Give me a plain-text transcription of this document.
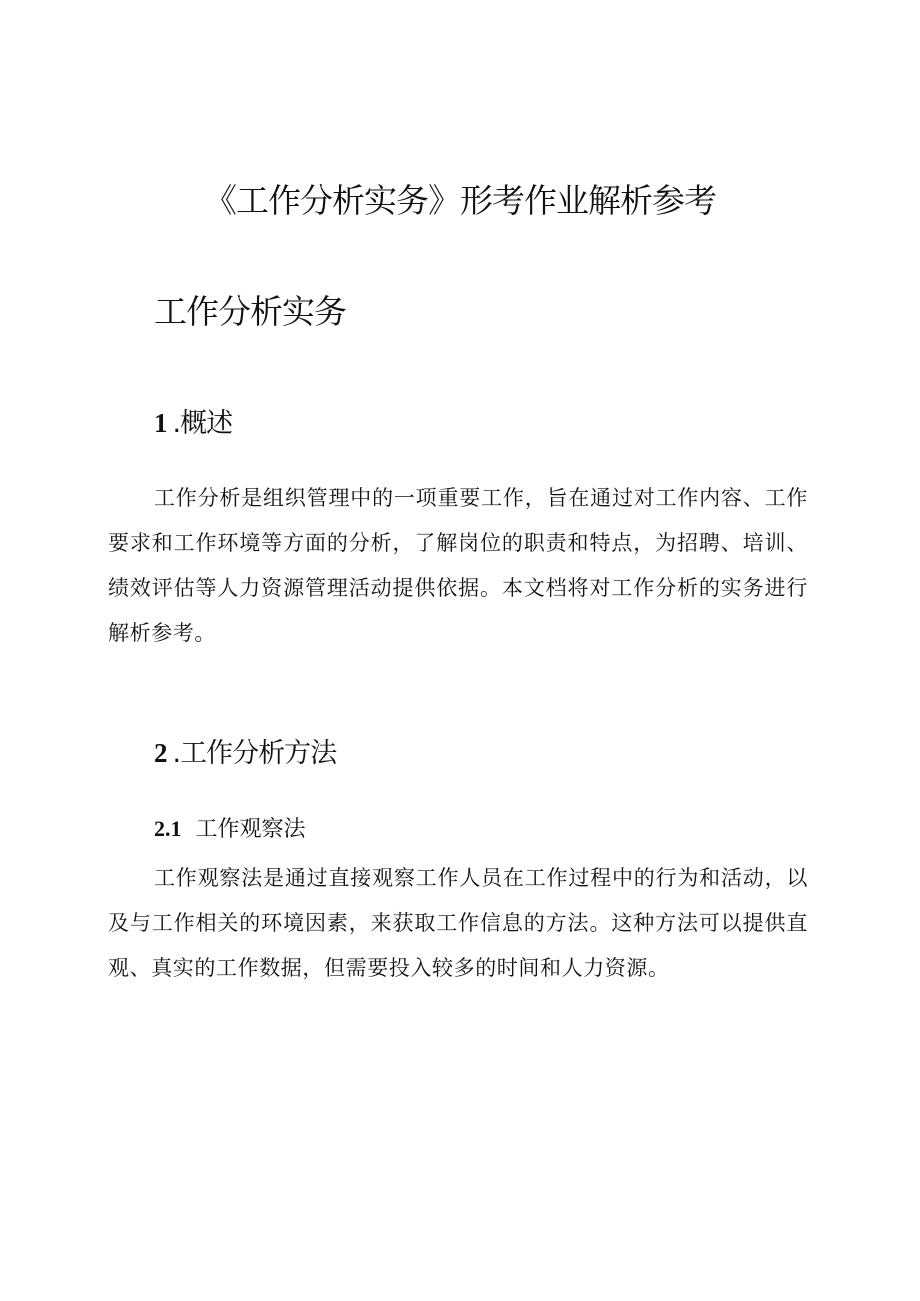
《工作分析实务》形考作业解析参考
工作分析实务
1 .概述

工作分析是组织管理中的一项重要工作，旨在通过对工作内容、工作要求和工作环境等方面的分析，了解岗位的职责和特点，为招聘、培训、绩效评估等人力资源管理活动提供依据。本文档将对工作分析的实务进行解析参考。

2 .工作分析方法
2.1 工作观察法

工作观察法是通过直接观察工作人员在工作过程中的行为和活动，以及与工作相关的环境因素，来获取工作信息的方法。这种方法可以提供直观、真实的工作数据，但需要投入较多的时间和人力资源。
